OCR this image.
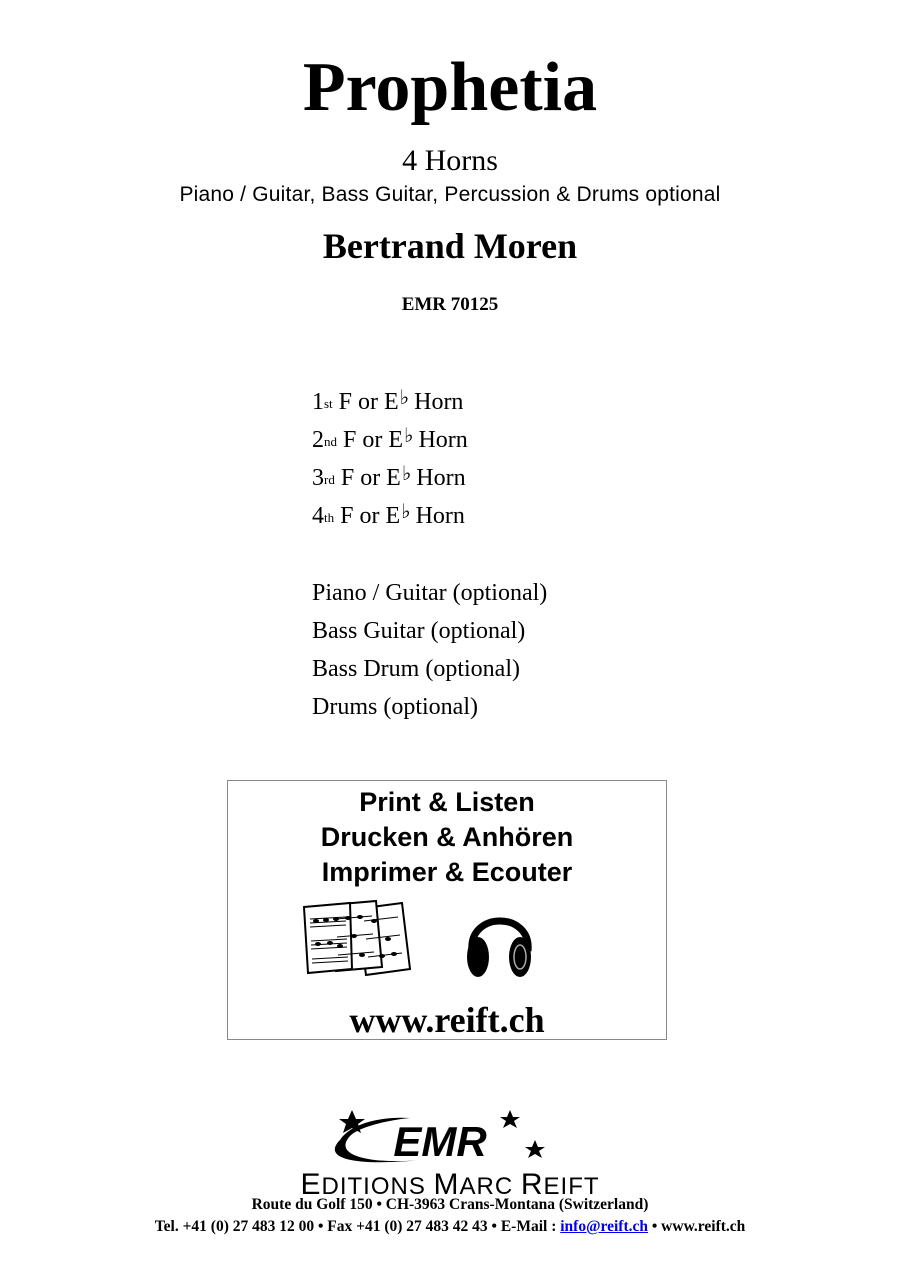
Prophetia
4 Horns
Piano / Guitar, Bass Guitar, Percussion & Drums optional
Bertrand Moren
EMR 70125
1st F or E♭ Horn
2nd F or E♭ Horn
3rd F or E♭ Horn
4th F or E♭ Horn
Piano / Guitar (optional)
Bass Guitar (optional)
Bass Drum (optional)
Drums (optional)
Print & Listen
Drucken & Anhören
Imprimer & Ecouter
www.reift.ch
EMR
EDITIONS MARC REIFT
Route du Golf 150 • CH-3963 Crans-Montana (Switzerland)
Tel. +41 (0) 27 483 12 00 • Fax +41 (0) 27 483 42 43 • E-Mail : info@reift.ch • www.reift.ch
